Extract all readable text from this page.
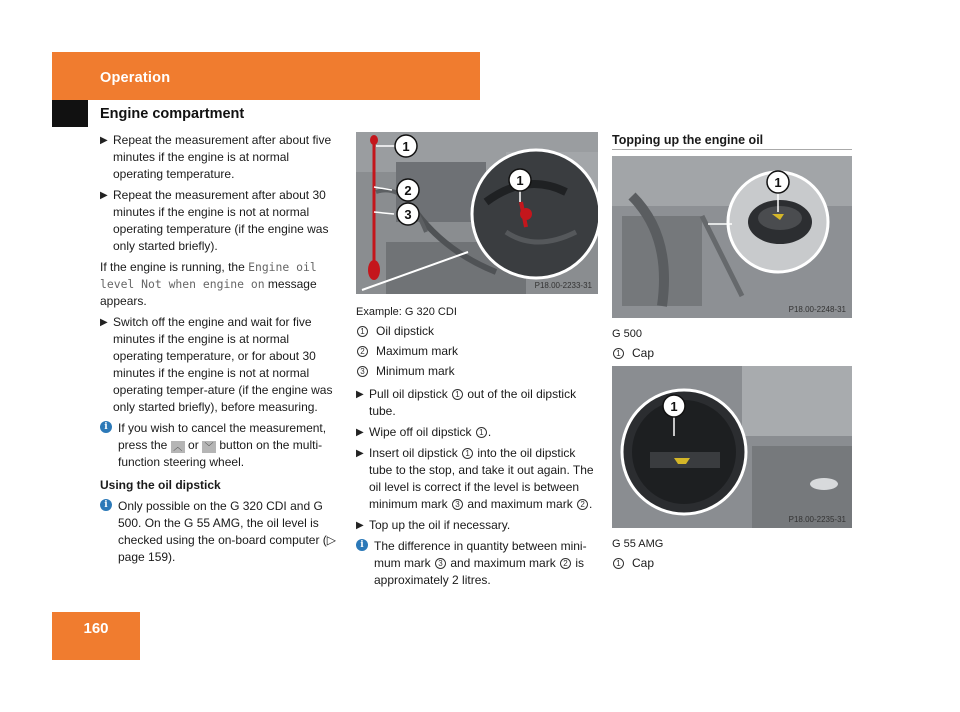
Operation
Engine compartment
▶ Repeat the measurement after about five minutes if the engine is at normal operating temperature.
▶ Repeat the measurement after about 30 minutes if the engine is not at normal operating temperature (if the engine was only started briefly).
If the engine is running, the Engine oil level Not when engine on message appears.
▶ Switch off the engine and wait for five minutes if the engine is at normal operating temperature, or for about 30 minutes if the engine is not at normal operating temper-ature (if the engine was only started briefly), before measuring.
i If you wish to cancel the measurement, press the ︿ or ﹀ button on the multi-function steering wheel.
Using the oil dipstick
i Only possible on the G 320 CDI and G 500. On the G 55 AMG, the oil level is checked using the on-board computer (▷ page 159).
1
2
3
1
P18.00-2233-31
Example: G 320 CDI
1 Oil dipstick
2 Maximum mark
3 Minimum mark
▶ Pull oil dipstick 1 out of the oil dipstick tube.
▶ Wipe off oil dipstick 1 .
▶ Insert oil dipstick 1 into the oil dipstick tube to the stop, and take it out again. The oil level is correct if the level is between minimum mark 3 and maximum mark 2 .
▶ Top up the oil if necessary.
i The difference in quantity between mini-mum mark 3 and maximum mark 2 is approximately 2 litres.
Topping up the engine oil
1
P18.00-2248-31
G 500
1 Cap
1
P18.00-2235-31
G 55 AMG
1 Cap
160
